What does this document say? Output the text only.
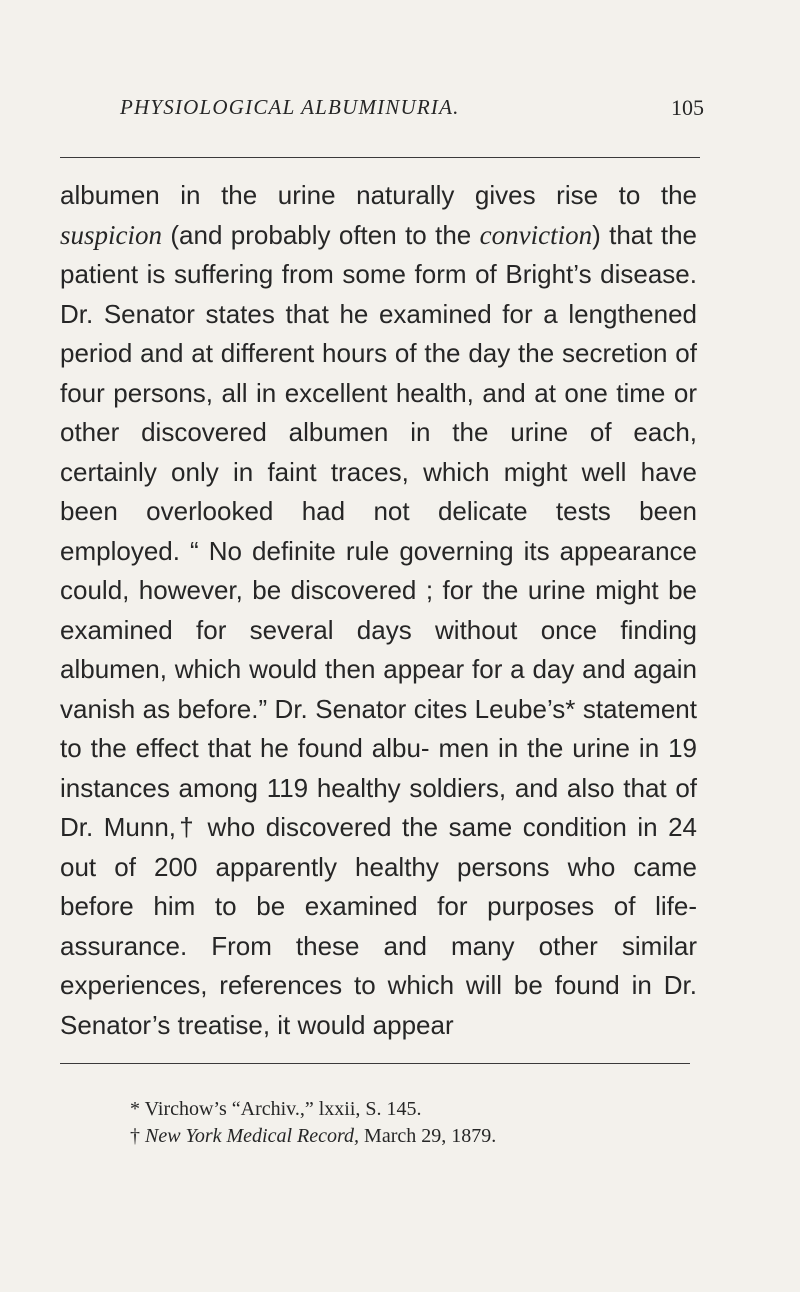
PHYSIOLOGICAL ALBUMINURIA.	105

albumen in the urine naturally gives rise to the suspicion (and probably often to the conviction) that the patient is suffering from some form of Bright’s disease. Dr. Senator states that he examined for a lengthened period and at different hours of the day the secretion of four persons, all in excellent health, and at one time or other discovered albumen in the urine of each, certainly only in faint traces, which might well have been overlooked had not delicate tests been employed. “ No definite rule governing its appearance could, however, be discovered ; for the urine might be examined for several days without once finding albumen, which would then appear for a day and again vanish as before.” Dr. Senator cites Leube’s* statement to the effect that he found albu- men in the urine in 19 instances among 119 healthy soldiers, and also that of Dr. Munn,† who discovered the same condition in 24 out of 200 apparently healthy persons who came before him to be examined for purposes of life-assurance. From these and many other similar experiences, references to which will be found in Dr. Senator’s treatise, it would appear

* Virchow’s “Archiv.,” lxxii, S. 145.
† New York Medical Record, March 29, 1879.
